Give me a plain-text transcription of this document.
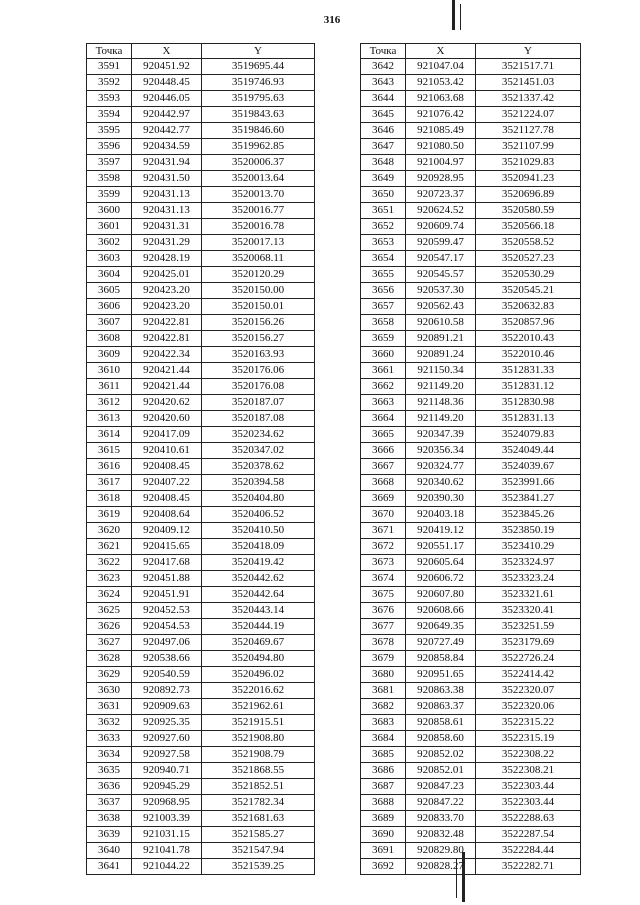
316
Точка	X	Y
3591	920451.92	3519695.44
3592	920448.45	3519746.93
3593	920446.05	3519795.63
3594	920442.97	3519843.63
3595	920442.77	3519846.60
3596	920434.59	3519962.85
3597	920431.94	3520006.37
3598	920431.50	3520013.64
3599	920431.13	3520013.70
3600	920431.13	3520016.77
3601	920431.31	3520016.78
3602	920431.29	3520017.13
3603	920428.19	3520068.11
3604	920425.01	3520120.29
3605	920423.20	3520150.00
3606	920423.20	3520150.01
3607	920422.81	3520156.26
3608	920422.81	3520156.27
3609	920422.34	3520163.93
3610	920421.44	3520176.06
3611	920421.44	3520176.08
3612	920420.62	3520187.07
3613	920420.60	3520187.08
3614	920417.09	3520234.62
3615	920410.61	3520347.02
3616	920408.45	3520378.62
3617	920407.22	3520394.58
3618	920408.45	3520404.80
3619	920408.64	3520406.52
3620	920409.12	3520410.50
3621	920415.65	3520418.09
3622	920417.68	3520419.42
3623	920451.88	3520442.62
3624	920451.91	3520442.64
3625	920452.53	3520443.14
3626	920454.53	3520444.19
3627	920497.06	3520469.67
3628	920538.66	3520494.80
3629	920540.59	3520496.02
3630	920892.73	3522016.62
3631	920909.63	3521962.61
3632	920925.35	3521915.51
3633	920927.60	3521908.80
3634	920927.58	3521908.79
3635	920940.71	3521868.55
3636	920945.29	3521852.51
3637	920968.95	3521782.34
3638	921003.39	3521681.63
3639	921031.15	3521585.27
3640	921041.78	3521547.94
3641	921044.22	3521539.25
Точка	X	Y
3642	921047.04	3521517.71
3643	921053.42	3521451.03
3644	921063.68	3521337.42
3645	921076.42	3521224.07
3646	921085.49	3521127.78
3647	921080.50	3521107.99
3648	921004.97	3521029.83
3649	920928.95	3520941.23
3650	920723.37	3520696.89
3651	920624.52	3520580.59
3652	920609.74	3520566.18
3653	920599.47	3520558.52
3654	920547.17	3520527.23
3655	920545.57	3520530.29
3656	920537.30	3520545.21
3657	920562.43	3520632.83
3658	920610.58	3520857.96
3659	920891.21	3522010.43
3660	920891.24	3522010.46
3661	921150.34	3512831.33
3662	921149.20	3512831.12
3663	921148.36	3512830.98
3664	921149.20	3512831.13
3665	920347.39	3524079.83
3666	920356.34	3524049.44
3667	920324.77	3524039.67
3668	920340.62	3523991.66
3669	920390.30	3523841.27
3670	920403.18	3523845.26
3671	920419.12	3523850.19
3672	920551.17	3523410.29
3673	920605.64	3523324.97
3674	920606.72	3523323.24
3675	920607.80	3523321.61
3676	920608.66	3523320.41
3677	920649.35	3523251.59
3678	920727.49	3523179.69
3679	920858.84	3522726.24
3680	920951.65	3522414.42
3681	920863.38	3522320.07
3682	920863.37	3522320.06
3683	920858.61	3522315.22
3684	920858.60	3522315.19
3685	920852.02	3522308.22
3686	920852.01	3522308.21
3687	920847.23	3522303.44
3688	920847.22	3522303.44
3689	920833.70	3522288.63
3690	920832.48	3522287.54
3691	920829.80	3522284.44
3692	920828.27	3522282.71
